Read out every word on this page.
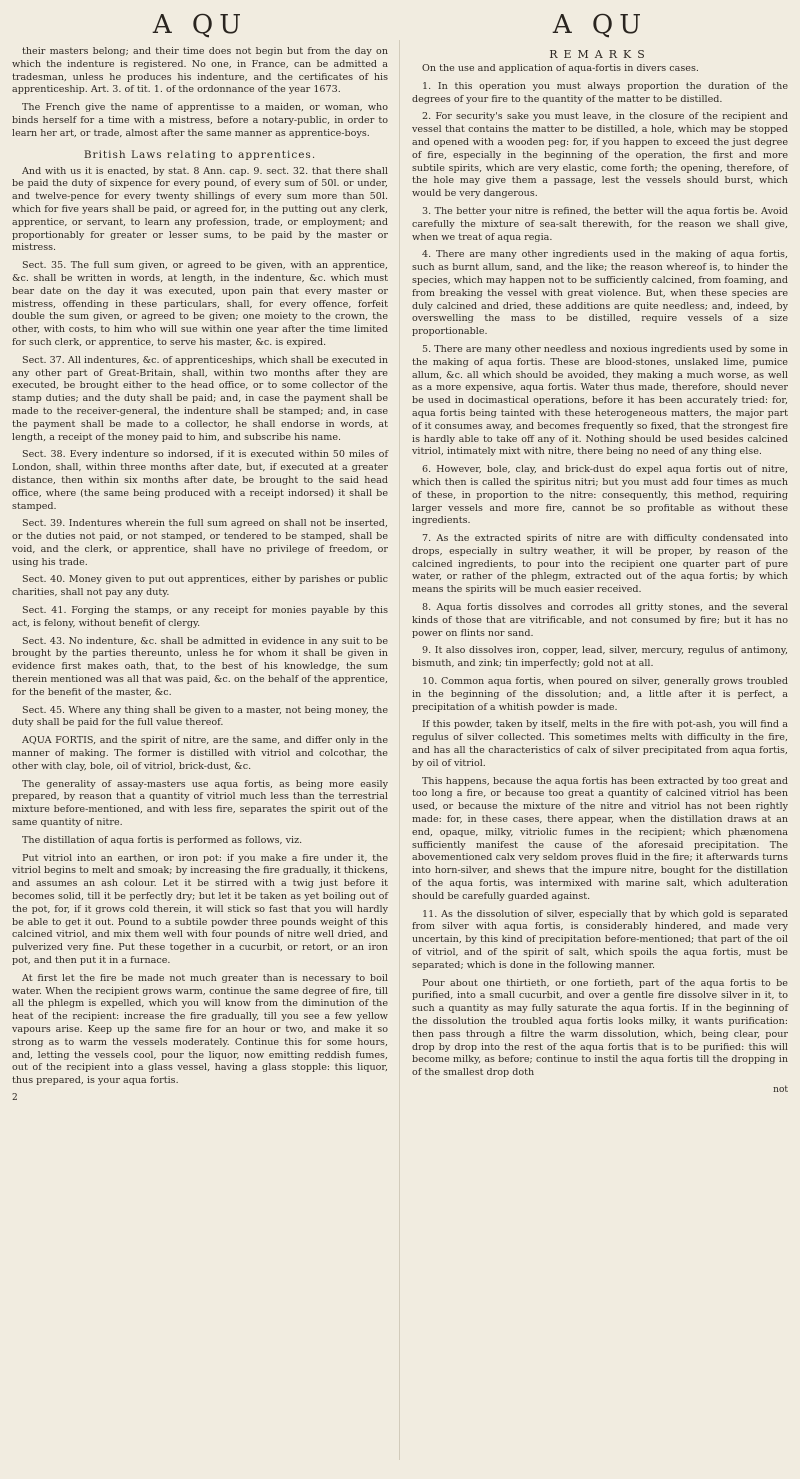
A QU

their masters belong; and their time does not begin but from the day on which the indenture is registered. No one, in France, can be admitted a tradesman, unless he produces his indenture, and the certificates of his apprenticeship. Art. 3. of tit. 1. of the ordonnance of the year 1673.

The French give the name of apprentisse to a maiden, or woman, who binds herself for a time with a mistress, before a notary-public, in order to learn her art, or trade, almost after the same manner as apprentice-boys.

British Laws relating to apprentices.

And with us it is enacted, by stat. 8 Ann. cap. 9. sect. 32. that there shall be paid the duty of sixpence for every pound, of every sum of 50l. or under, and twelve-pence for every twenty shillings of every sum more than 50l. which for five years shall be paid, or agreed for, in the putting out any clerk, apprentice, or servant, to learn any profession, trade, or employment; and proportionably for greater or lesser sums, to be paid by the master or mistress.

Sect. 35. The full sum given, or agreed to be given, with an apprentice, &c. shall be written in words, at length, in the indenture, &c. which must bear date on the day it was executed, upon pain that every master or mistress, offending in these particulars, shall, for every offence, forfeit double the sum given, or agreed to be given; one moiety to the crown, the other, with costs, to him who will sue within one year after the time limited for such clerk, or apprentice, to serve his master, &c. is expired.

Sect. 37. All indentures, &c. of apprenticeships, which shall be executed in any other part of Great-Britain, shall, within two months after they are executed, be brought either to the head office, or to some collector of the stamp duties; and the duty shall be paid; and, in case the payment shall be made to the receiver-general, the indenture shall be stamped; and, in case the payment shall be made to a collector, he shall endorse in words, at length, a receipt of the money paid to him, and subscribe his name.

Sect. 38. Every indenture so indorsed, if it is executed within 50 miles of London, shall, within three months after date, but, if executed at a greater distance, then within six months after date, be brought to the said head office, where (the same being produced with a receipt indorsed) it shall be stamped.

Sect. 39. Indentures wherein the full sum agreed on shall not be inserted, or the duties not paid, or not stamped, or tendered to be stamped, shall be void, and the clerk, or apprentice, shall have no privilege of freedom, or using his trade.

Sect. 40. Money given to put out apprentices, either by parishes or public charities, shall not pay any duty.

Sect. 41. Forging the stamps, or any receipt for monies payable by this act, is felony, without benefit of clergy.

Sect. 43. No indenture, &c. shall be admitted in evidence in any suit to be brought by the parties thereunto, unless he for whom it shall be given in evidence first makes oath, that, to the best of his knowledge, the sum therein mentioned was all that was paid, &c. on the behalf of the apprentice, for the benefit of the master, &c.

Sect. 45. Where any thing shall be given to a master, not being money, the duty shall be paid for the full value thereof.

AQUA FORTIS, and the spirit of nitre, are the same, and differ only in the manner of making. The former is distilled with vitriol and colcothar, the other with clay, bole, oil of vitriol, brick-dust, &c.

The generality of assay-masters use aqua fortis, as being more easily prepared, by reason that a quantity of vitriol much less than the terrestrial mixture before-mentioned, and with less fire, separates the spirit out of the same quantity of nitre.

The distillation of aqua fortis is performed as follows, viz.

Put vitriol into an earthen, or iron pot: if you make a fire under it, the vitriol begins to melt and smoak; by increasing the fire gradually, it thickens, and assumes an ash colour. Let it be stirred with a twig just before it becomes solid, till it be perfectly dry; but let it be taken as yet boiling out of the pot, for, if it grows cold therein, it will stick so fast that you will hardly be able to get it out. Pound to a subtile powder three pounds weight of this calcined vitriol, and mix them well with four pounds of nitre well dried, and pulverized very fine. Put these together in a cucurbit, or retort, or an iron pot, and then put it in a furnace.

At first let the fire be made not much greater than is necessary to boil water. When the recipient grows warm, continue the same degree of fire, till all the phlegm is expelled, which you will know from the diminution of the heat of the recipient: increase the fire gradually, till you see a few yellow vapours arise. Keep up the same fire for an hour or two, and make it so strong as to warm the vessels moderately. Continue this for some hours, and, letting the vessels cool, pour the liquor, now emitting reddish fumes, out of the recipient into a glass vessel, having a glass stopple: this liquor, thus prepared, is your aqua fortis.

2
A QU
REMARKS

On the use and application of aqua-fortis in divers cases.

1. In this operation you must always proportion the duration of the degrees of your fire to the quantity of the matter to be distilled.

2. For security's sake you must leave, in the closure of the recipient and vessel that contains the matter to be distilled, a hole, which may be stopped and opened with a wooden peg: for, if you happen to exceed the just degree of fire, especially in the beginning of the operation, the first and more subtile spirits, which are very elastic, come forth; the opening, therefore, of the hole may give them a passage, lest the vessels should burst, which would be very dangerous.

3. The better your nitre is refined, the better will the aqua fortis be. Avoid carefully the mixture of sea-salt therewith, for the reason we shall give, when we treat of aqua regia.

4. There are many other ingredients used in the making of aqua fortis, such as burnt allum, sand, and the like; the reason whereof is, to hinder the species, which may happen not to be sufficiently calcined, from foaming, and from breaking the vessel with great violence. But, when these species are duly calcined and dried, these additions are quite needless; and, indeed, by overswelling the mass to be distilled, require vessels of a size proportionable.

5. There are many other needless and noxious ingredients used by some in the making of aqua fortis. These are blood-stones, unslaked lime, pumice allum, &c. all which should be avoided, they making a much worse, as well as a more expensive, aqua fortis. Water thus made, therefore, should never be used in docimastical operations, before it has been accurately tried: for, aqua fortis being tainted with these heterogeneous matters, the major part of it consumes away, and becomes frequently so fixed, that the strongest fire is hardly able to take off any of it. Nothing should be used besides calcined vitriol, intimately mixt with nitre, there being no need of any thing else.

6. However, bole, clay, and brick-dust do expel aqua fortis out of nitre, which then is called the spiritus nitri; but you must add four times as much of these, in proportion to the nitre: consequently, this method, requiring larger vessels and more fire, cannot be so profitable as without these ingredients.

7. As the extracted spirits of nitre are with difficulty condensated into drops, especially in sultry weather, it will be proper, by reason of the calcined ingredients, to pour into the recipient one quarter part of pure water, or rather of the phlegm, extracted out of the aqua fortis; by which means the spirits will be much easier received.

8. Aqua fortis dissolves and corrodes all gritty stones, and the several kinds of those that are vitrificable, and not consumed by fire; but it has no power on flints nor sand.

9. It also dissolves iron, copper, lead, silver, mercury, regulus of antimony, bismuth, and zink; tin imperfectly; gold not at all.

10. Common aqua fortis, when poured on silver, generally grows troubled in the beginning of the dissolution; and, a little after it is perfect, a precipitation of a whitish powder is made.

If this powder, taken by itself, melts in the fire with pot-ash, you will find a regulus of silver collected. This sometimes melts with difficulty in the fire, and has all the characteristics of calx of silver precipitated from aqua fortis, by oil of vitriol.

This happens, because the aqua fortis has been extracted by too great and too long a fire, or because too great a quantity of calcined vitriol has been used, or because the mixture of the nitre and vitriol has not been rightly made: for, in these cases, there appear, when the distillation draws at an end, opaque, milky, vitriolic fumes in the recipient; which phænomena sufficiently manifest the cause of the aforesaid precipitation. The abovementioned calx very seldom proves fluid in the fire; it afterwards turns into horn-silver, and shews that the impure nitre, bought for the distillation of the aqua fortis, was intermixed with marine salt, which adulteration should be carefully guarded against.

11. As the dissolution of silver, especially that by which gold is separated from silver with aqua fortis, is considerably hindered, and made very uncertain, by this kind of precipitation before-mentioned; that part of the oil of vitriol, and of the spirit of salt, which spoils the aqua fortis, must be separated; which is done in the following manner.

Pour about one thirtieth, or one fortieth, part of the aqua fortis to be purified, into a small cucurbit, and over a gentle fire dissolve silver in it, to such a quantity as may fully saturate the aqua fortis. If in the beginning of the dissolution the troubled aqua fortis looks milky, it wants purification: then pass through a filtre the warm dissolution, which, being clear, pour drop by drop into the rest of the aqua fortis that is to be purified: this will become milky, as before; continue to instil the aqua fortis till the dropping in of the smallest drop doth

not
